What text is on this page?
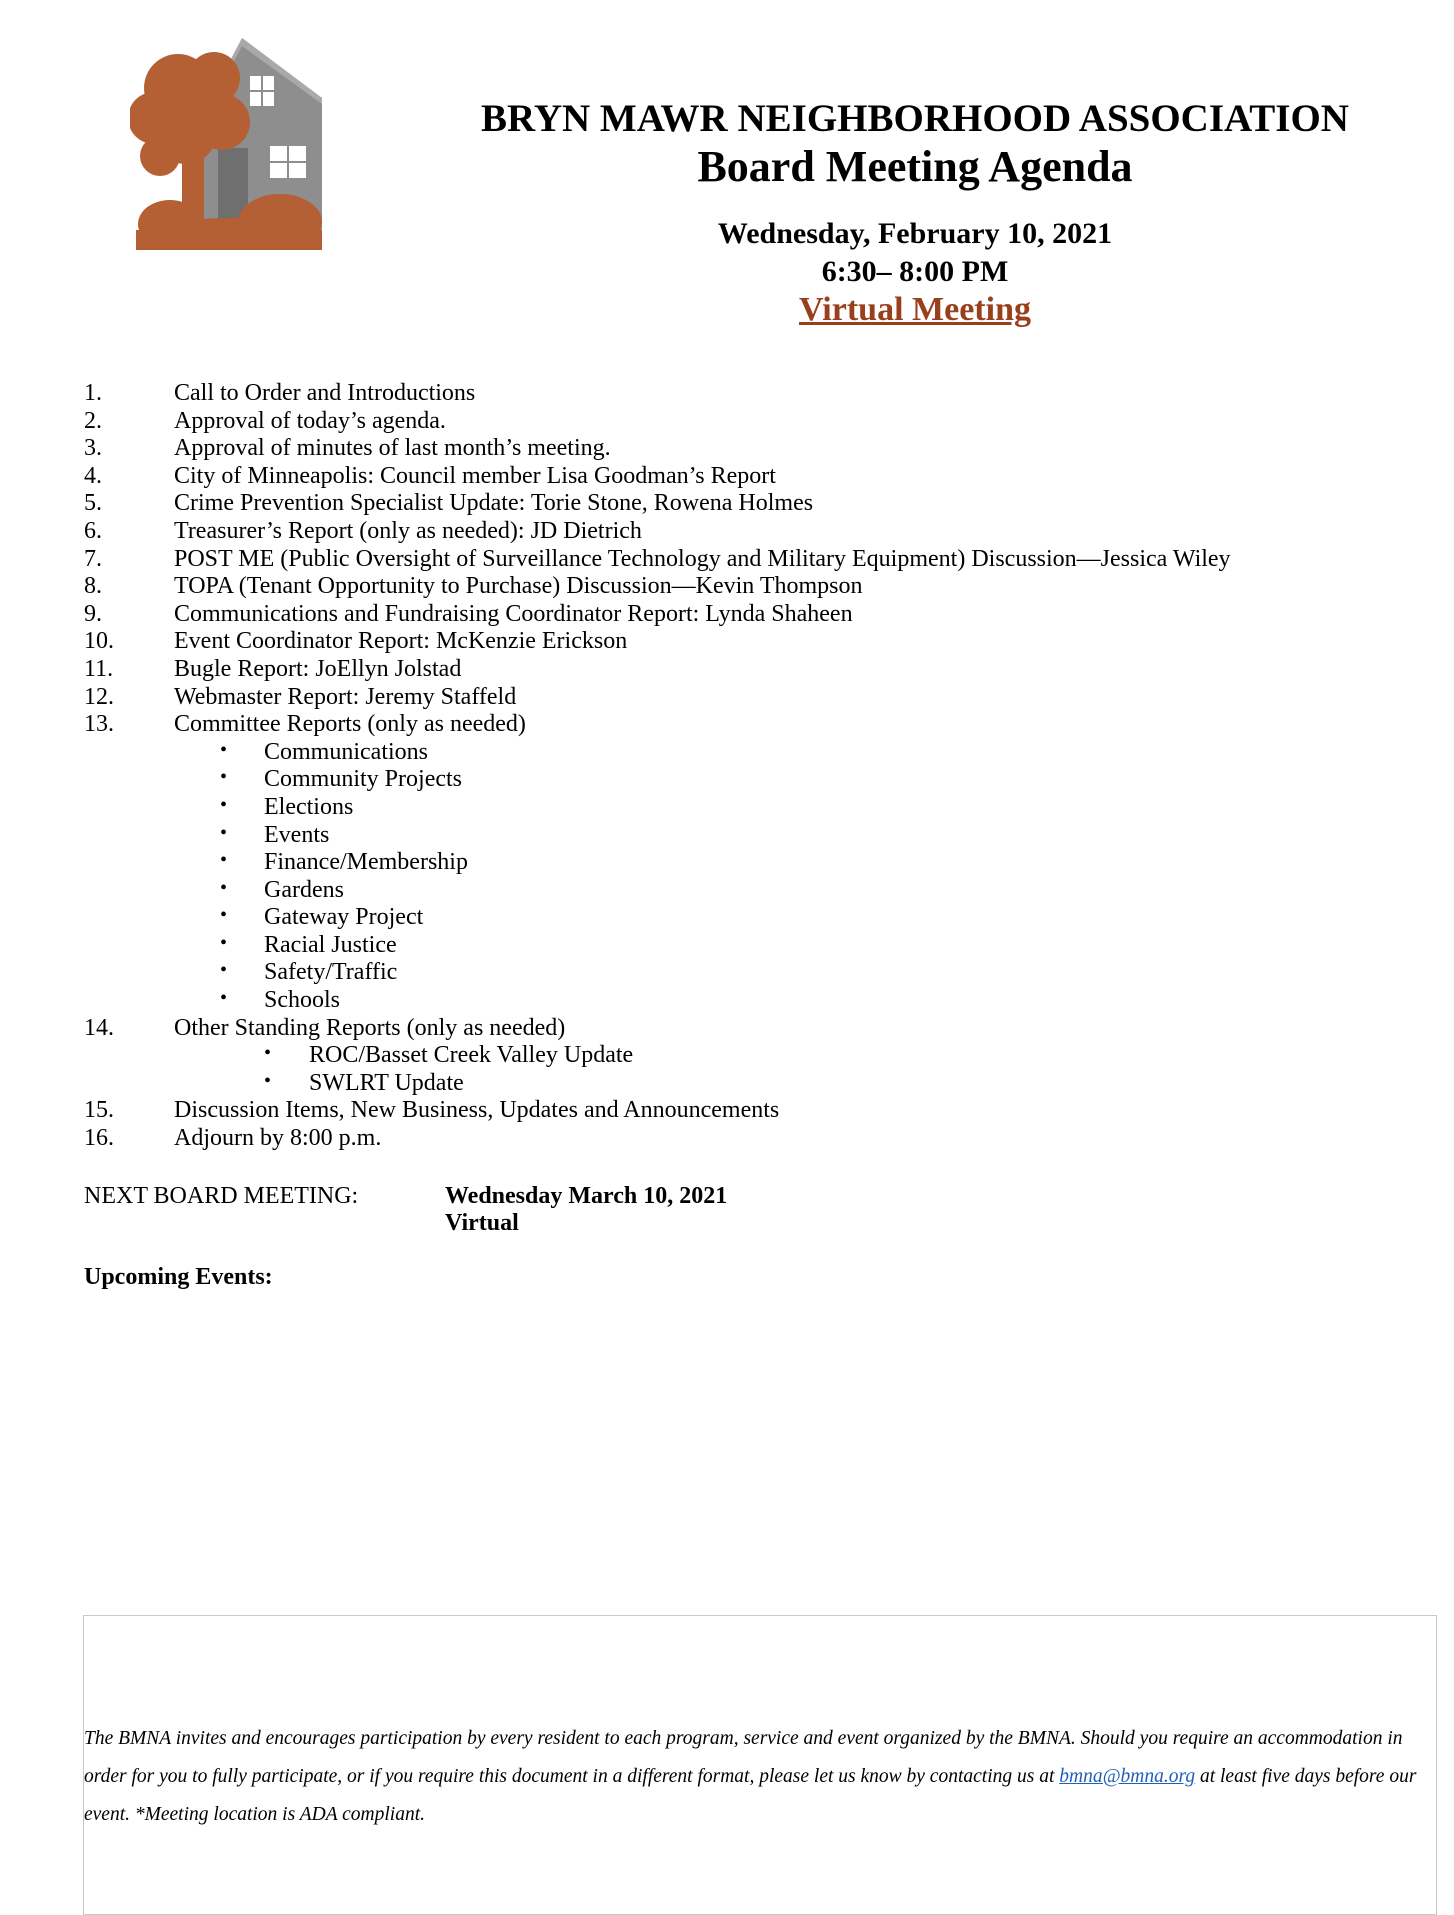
BRYN MAWR NEIGHBORHOOD ASSOCIATION
Board Meeting Agenda
Wednesday, February 10, 2021
6:30– 8:00 PM
Virtual Meeting
1.	Call to Order and Introductions
2.	Approval of today’s agenda.
3.	Approval of minutes of last month’s meeting.
4.	City of Minneapolis: Council member Lisa Goodman’s Report
5.	Crime Prevention Specialist Update: Torie Stone, Rowena Holmes
6.	Treasurer’s Report (only as needed): JD Dietrich
7.	POST ME (Public Oversight of Surveillance Technology and Military Equipment) Discussion—Jessica Wiley
8.	TOPA (Tenant Opportunity to Purchase) Discussion—Kevin Thompson
9.	Communications and Fundraising Coordinator Report: Lynda Shaheen
10.	Event Coordinator Report: McKenzie Erickson
11.	Bugle Report: JoEllyn Jolstad
12.	Webmaster Report: Jeremy Staffeld
13.	Committee Reports (only as needed)
• Communications
• Community Projects
• Elections
• Events
• Finance/Membership
• Gardens
• Gateway Project
• Racial Justice
• Safety/Traffic
• Schools
14.	Other Standing Reports (only as needed)
• ROC/Basset Creek Valley Update
• SWLRT Update
15.	Discussion Items, New Business, Updates and Announcements
16.	Adjourn by 8:00 p.m.
NEXT BOARD MEETING:	Wednesday March 10, 2021
Virtual
Upcoming Events:

The BMNA invites and encourages participation by every resident to each program, service and event organized by the BMNA. Should you require an accommodation in order for you to fully participate, or if you require this document in a different format, please let us know by contacting us at bmna@bmna.org at least five days before our event. *Meeting location is ADA compliant.
